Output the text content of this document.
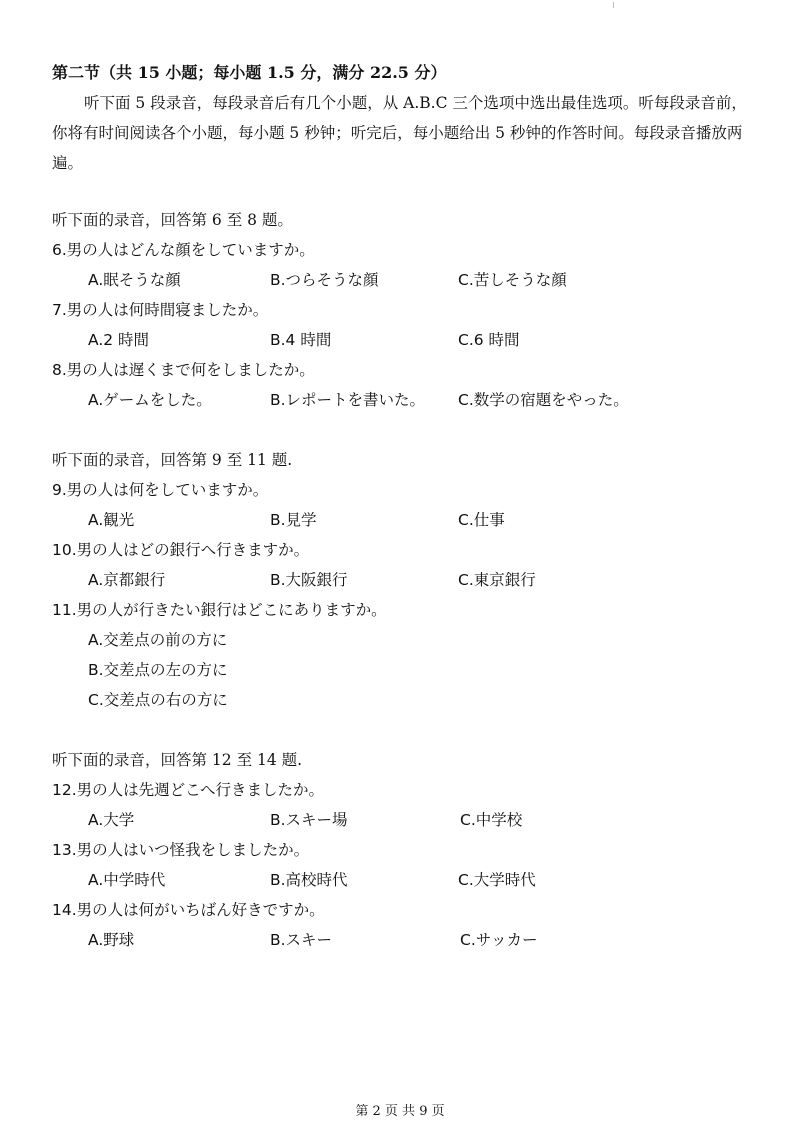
第二节（共 15 小题；每小题 1.5 分，满分 22.5 分）
听下面 5 段录音，每段录音后有几个小题，从 A.B.C 三个选项中选出最佳选项。听每段录音前，你将有时间阅读各个小题，每小题 5 秒钟；听完后，每小题给出 5 秒钟的作答时间。每段录音播放两遍。
听下面的录音，回答第 6 至 8 题。
6.男の人はどんな顔をしていますか。
A.眠そうな顔	B.つらそうな顔	C.苦しそうな顔
7.男の人は何時間寝ましたか。
A.2 時間	B.4 時間	C.6 時間
8.男の人は遅くまで何をしましたか。
A.ゲームをした。	B.レポートを書いた。 C.数学の宿題をやった。
听下面的录音，回答第 9 至 11 题.
9.男の人は何をしていますか。
A.観光	B.見学	C.仕事
10.男の人はどの銀行へ行きますか。
A.京都銀行	B.大阪銀行	C.東京銀行
11.男の人が行きたい銀行はどこにありますか。
A.交差点の前の方に
B.交差点の左の方に
C.交差点の右の方に
听下面的录音，回答第 12 至 14 题.
12.男の人は先週どこへ行きましたか。
A.大学	B.スキー場	C.中学校
13.男の人はいつ怪我をしましたか。
A.中学時代	B.高校時代	C.大学時代
14.男の人は何がいちばん好きですか。
A.野球	B.スキー	C.サッカー
第 2 页 共 9 页
